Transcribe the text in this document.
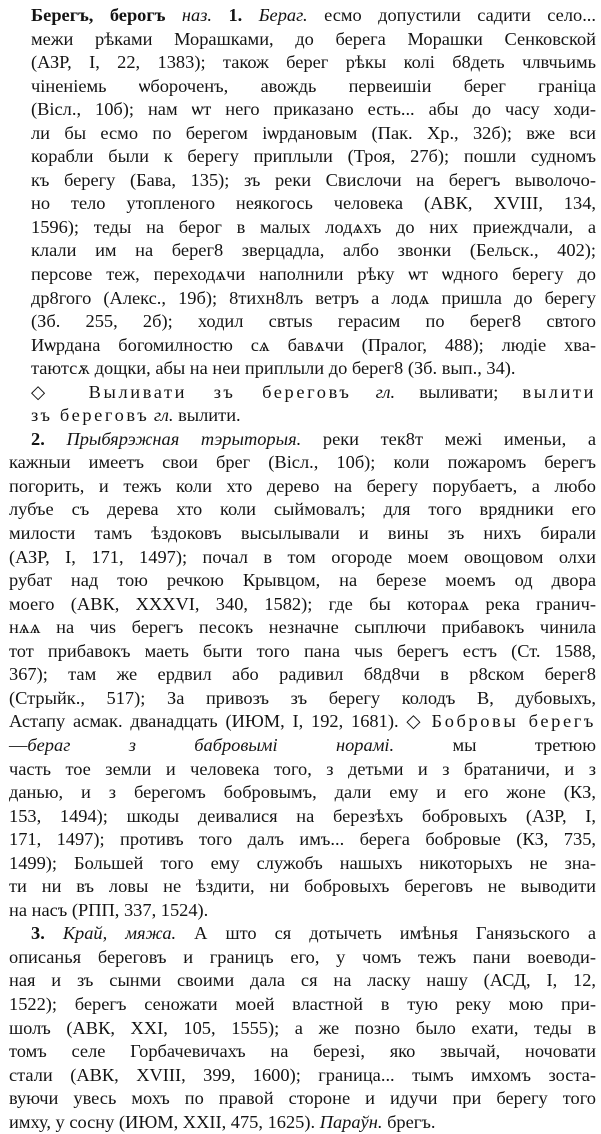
Берегъ, берогъ наз. 1. Бераг. есмо допустили садити село...
межи рѣками Морашками, до берега Морашки Сенковской
(АЗР, I, 22, 1383); також берег рѣкы колі б8дeть члвчьимь
чіненіемь ѡбороченъ, авождь первеишіи берег граніца
(Вісл., 10б); нам ѡт него приказано есть... абы до часу ходи-
ли бы есмо по берегом іѡрдановым (Пак. Хр., 32б); вже вси
корабли были к берегу приплыли (Троя, 27б); пошли судномъ
къ берегу (Бава, 135); зъ реки Свислочи на берегъ выволочо-
но тело утопленого неякогось человека (АВК, XVIII, 134,
1596); теды на берог в малых лодѧхъ до них приеждчали, а
клали им на берег8 зверцадла, албо звонки (Бельск., 402);
персове теж, переходѧчи наполнили рѣку ѡт ѡдного берегу до
др8гого (Алекс., 19б); 8тихн8лъ ветръ а лодѧ пришла до берегу
(Зб. 255, 2б); ходил свтыѕ герасим по берег8 свтого
Иѡрдана богомилностю сѧ бавѧчи (Пралог, 488); людіе хва-
таютсѫ дощки, абы на неи приплыли до берег8 (Зб. вып., 34).
◇ Выливати зъ береговъ гл. выливати; вылити
зъ береговъ гл. вылити.
2. Прыбярэжная тэрыторыя. реки тек8т межі именьи, а
кажныи имеетъ свои брег (Вісл., 10б); коли пожаромъ берегъ
погорить, и тежъ коли хто дерево на берегу порубаетъ, а любо
лубъе съ дерева хто коли сыймовалъ; для того врядники его
милости тамъ ѣздоковъ высылывали и вины зъ нихъ бирали
(АЗР, I, 171, 1497); почал в том огороде моем овощовом олхи
рубат над тою речкою Крывцом, на березе моемъ од двора
моего (АВК, XXXVI, 340, 1582); где бы котораѧ река гранич-
нѧѧ на чиѕ берегъ песокъ незначне сыплючи прибавокъ чинила
тот прибавокъ маеть быти того пана чыѕ берегъ естъ (Ст. 1588,
367); там же ердвил або радивил б8д8чи в р8ском берег8
(Стрыйк., 517); За привозъ зъ берегу колодъ В, дубовыхъ,
Астапу асмак. дванадцать (ИЮМ, I, 192, 1681). ◇ Бобровы берегъ
—бераг з бабровымі норамі.	мы третюю
часть тое земли и человека того, з детьми и з братаничи, и з
данью, и з берегомъ бобровымъ, дали ему и его жоне (КЗ,
153, 1494); шкоды деивалися на березѣхъ бобровыхъ (АЗР, I,
171, 1497); противъ того далъ имъ... берега бобровые (КЗ, 735,
1499); Большей того ему служобъ нашыхъ никоторыхъ не зна-
ти ни въ ловы не ѣздити, ни бобровыхъ береговъ не выводити
на насъ (РПП, 337, 1524).
3. Край, мяжа. А што ся дотычеть имѣнья Ганязьского а
описанья береговъ и границъ его, у чомъ тежъ пани воеводи-
ная и зъ сынми своими дала ся на ласку нашу (АСД, I, 12,
1522); берегъ сеножати моей властной в тую реку мою при-
шолъ (АВК, XXI, 105, 1555); а же позно было ехати, теды в
томъ селе Горбачевичахъ на березі, яко звычай, ночовати
стали (АВК, XVIII, 399, 1600); граница... тымъ имхомъ зоста-
вуючи увесь мохъ по правой стороне и идучи при берегу того
имху, у сосну (ИЮМ, XXII, 475, 1625). Параўн. брегъ.
